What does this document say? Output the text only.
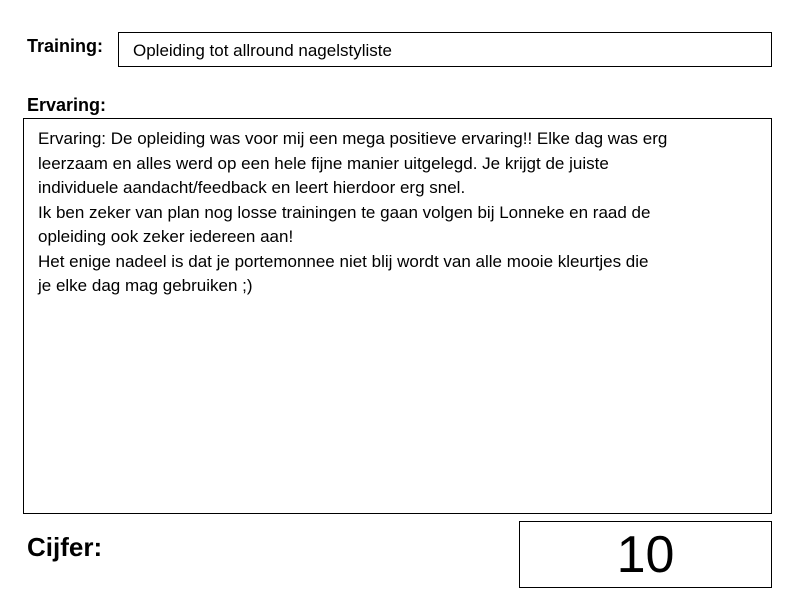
Training: Opleiding tot allround nagelstyliste
Ervaring:
Ervaring: De opleiding was voor mij een mega positieve ervaring!! Elke dag was erg
leerzaam en alles werd op een hele fijne manier uitgelegd. Je krijgt de juiste
individuele aandacht/feedback en leert hierdoor erg snel.
Ik ben zeker van plan nog losse trainingen te gaan volgen bij Lonneke en raad de
opleiding ook zeker iedereen aan!
Het enige nadeel is dat je portemonnee niet blij wordt van alle mooie kleurtjes die
je elke dag mag gebruiken ;)
Cijfer:	10
